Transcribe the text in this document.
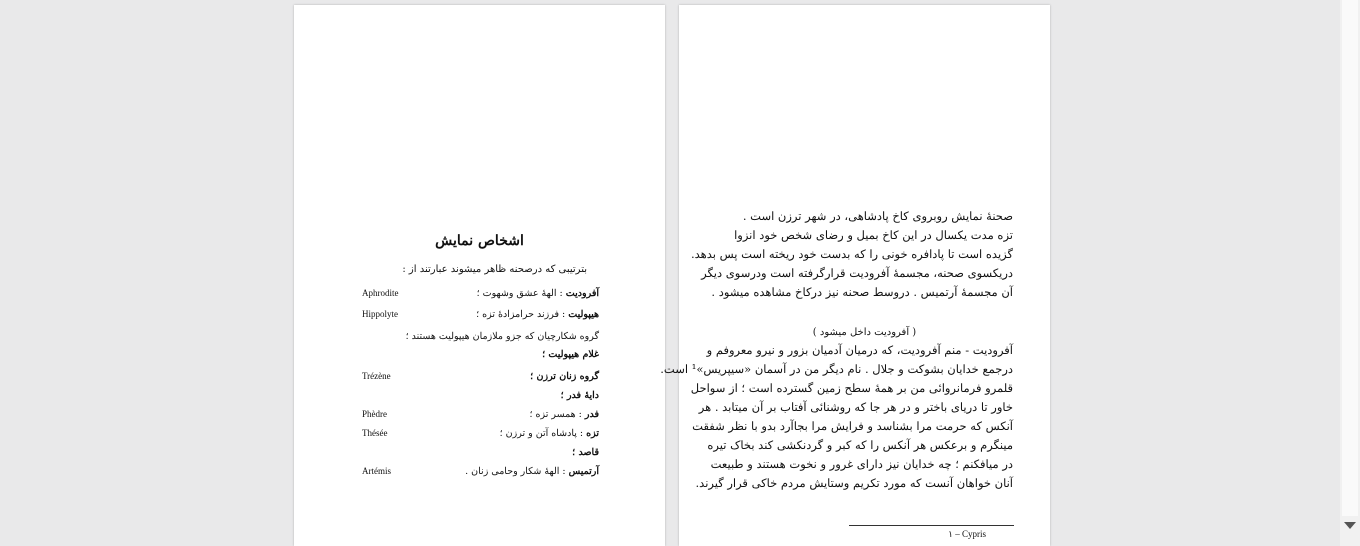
اشخاص نمایش
بترتیبی که درصحنه ظاهر میشوند عبارتند از :
آفرودیت : الهۀ عشق وشهوت ؛
Aphrodite
هیپولیت : فرزند حرامزادۀ تزه ؛
Hippolyte
گروه شکارچیان که جزو ملازمان هیپولیت هستند ؛
غلام هیپولیت ؛
گروه زنان ترزن ؛
Trézène
دایۀ فدر ؛
فدر : همسر تزه ؛
Phèdre
تزه : پادشاه آتن و ترزن ؛
Thésée
قاصد ؛
آرتمیس : الهۀ شکار وحامی زنان .
Artémis
صحنۀ نمایش روبروی کاخ پادشاهی، در شهر ترزن است .
تزه مدت یکسال در این کاخ بمیل و رضای شخص خود انزوا
گزیده است تا پادافره خونی را که بدست خود ریخته است پس بدهد.
دریکسوی صحنه، مجسمۀ آفرودیت قرارگرفته است ودرسوی دیگر
آن مجسمۀ آرتمیس . دروسط صحنه نیز درکاخ مشاهده میشود .
( آفرودیت داخل میشود )
آفرودیت - منم آفرودیت، که درمیان آدمیان بزور و نیرو معروفم و
درجمع خدایان بشوکت و جلال . نام دیگر من در آسمان «سیپریس»¹ است.
قلمرو فرمانروائی من بر همۀ سطح زمین گسترده است ؛ از سواحل
خاور تا دریای باختر و در هر جا که روشنائی آفتاب بر آن میتابد . هر
آنکس که حرمت مرا بشناسد و فرایش مرا بجاآرد بدو با نظر شفقت
مینگرم و برعکس هر آنکس را که کبر و گردنکشی کند بخاک تیره
در میافکنم ؛ چه خدایان نیز دارای غرور و نخوت هستند و طبیعت
آنان خواهان آنست که مورد تکریم وستایش مردم خاکی قرار گیرند.
١ – Cypris
